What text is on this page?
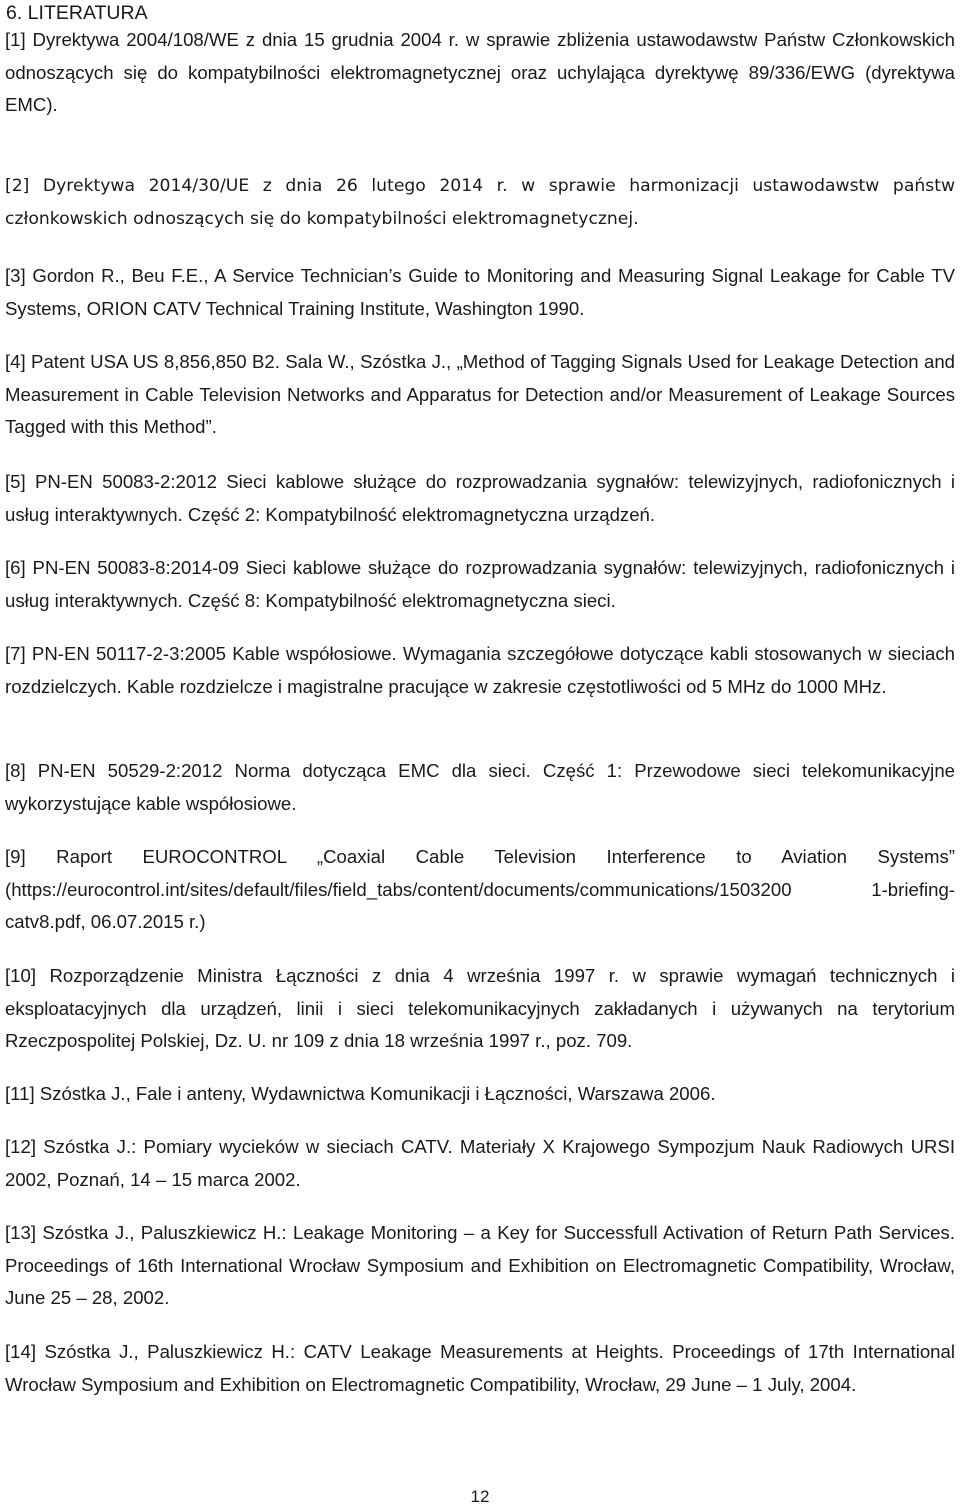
6. LITERATURA

[1] Dyrektywa 2004/108/WE z dnia 15 grudnia 2004 r. w sprawie zbliżenia ustawodawstw Państw Członkowskich odnoszących się do kompatybilności elektromagnetycznej oraz uchylająca dyrektywę 89/336/EWG (dyrektywa EMC).

[2] Dyrektywa 2014/30/UE z dnia 26 lutego 2014 r. w sprawie harmonizacji ustawodawstw państw członkowskich odnoszących się do kompatybilności elektromagnetycznej.

[3] Gordon R., Beu F.E., A Service Technician’s Guide to Monitoring and Measuring Signal Leakage for Cable TV Systems, ORION CATV Technical Training Institute, Washington 1990.

[4] Patent USA US 8,856,850 B2. Sala W., Szóstka J., „Method of Tagging Signals Used for Leakage Detection and Measurement in Cable Television Networks and Apparatus for Detection and/or Measurement of Leakage Sources Tagged with this Method”.

[5] PN-EN 50083-2:2012 Sieci kablowe służące do rozprowadzania sygnałów: telewizyjnych, radiofonicznych i usług interaktywnych. Część 2: Kompatybilność elektromagnetyczna urządzeń.

[6] PN-EN 50083-8:2014-09 Sieci kablowe służące do rozprowadzania sygnałów: telewizyjnych, radiofonicznych i usług interaktywnych. Część 8: Kompatybilność elektromagnetyczna sieci.

[7] PN-EN 50117-2-3:2005 Kable współosiowe. Wymagania szczegółowe dotyczące kabli stosowanych w sieciach rozdzielczych. Kable rozdzielcze i magistralne pracujące w zakresie częstotliwości od 5 MHz do 1000 MHz.

[8] PN-EN 50529-2:2012 Norma dotycząca EMC dla sieci. Część 1: Przewodowe sieci telekomunikacyjne wykorzystujące kable współosiowe.

[9] Raport EUROCONTROL „Coaxial Cable Television Interference to Aviation Systems” (https://eurocontrol.int/sites/default/files/field_tabs/content/documents/communications/1503200 1-briefing-catv8.pdf, 06.07.2015 r.)

[10] Rozporządzenie Ministra Łączności z dnia 4 września 1997 r. w sprawie wymagań technicznych i eksploatacyjnych dla urządzeń, linii i sieci telekomunikacyjnych zakładanych i używanych na terytorium Rzeczpospolitej Polskiej, Dz. U. nr 109 z dnia 18 września 1997 r., poz. 709.

[11] Szóstka J., Fale i anteny, Wydawnictwa Komunikacji i Łączności, Warszawa 2006.

[12] Szóstka J.: Pomiary wycieków w sieciach CATV. Materiały X Krajowego Sympozjum Nauk Radiowych URSI 2002, Poznań, 14 – 15 marca 2002.

[13] Szóstka J., Paluszkiewicz H.: Leakage Monitoring – a Key for Successfull Activation of Return Path Services. Proceedings of 16th International Wrocław Symposium and Exhibition on Electromagnetic Compatibility, Wrocław, June 25 – 28, 2002.

[14] Szóstka J., Paluszkiewicz H.: CATV Leakage Measurements at Heights. Proceedings of 17th International Wrocław Symposium and Exhibition on Electromagnetic Compatibility, Wrocław, 29 June – 1 July, 2004.

12
